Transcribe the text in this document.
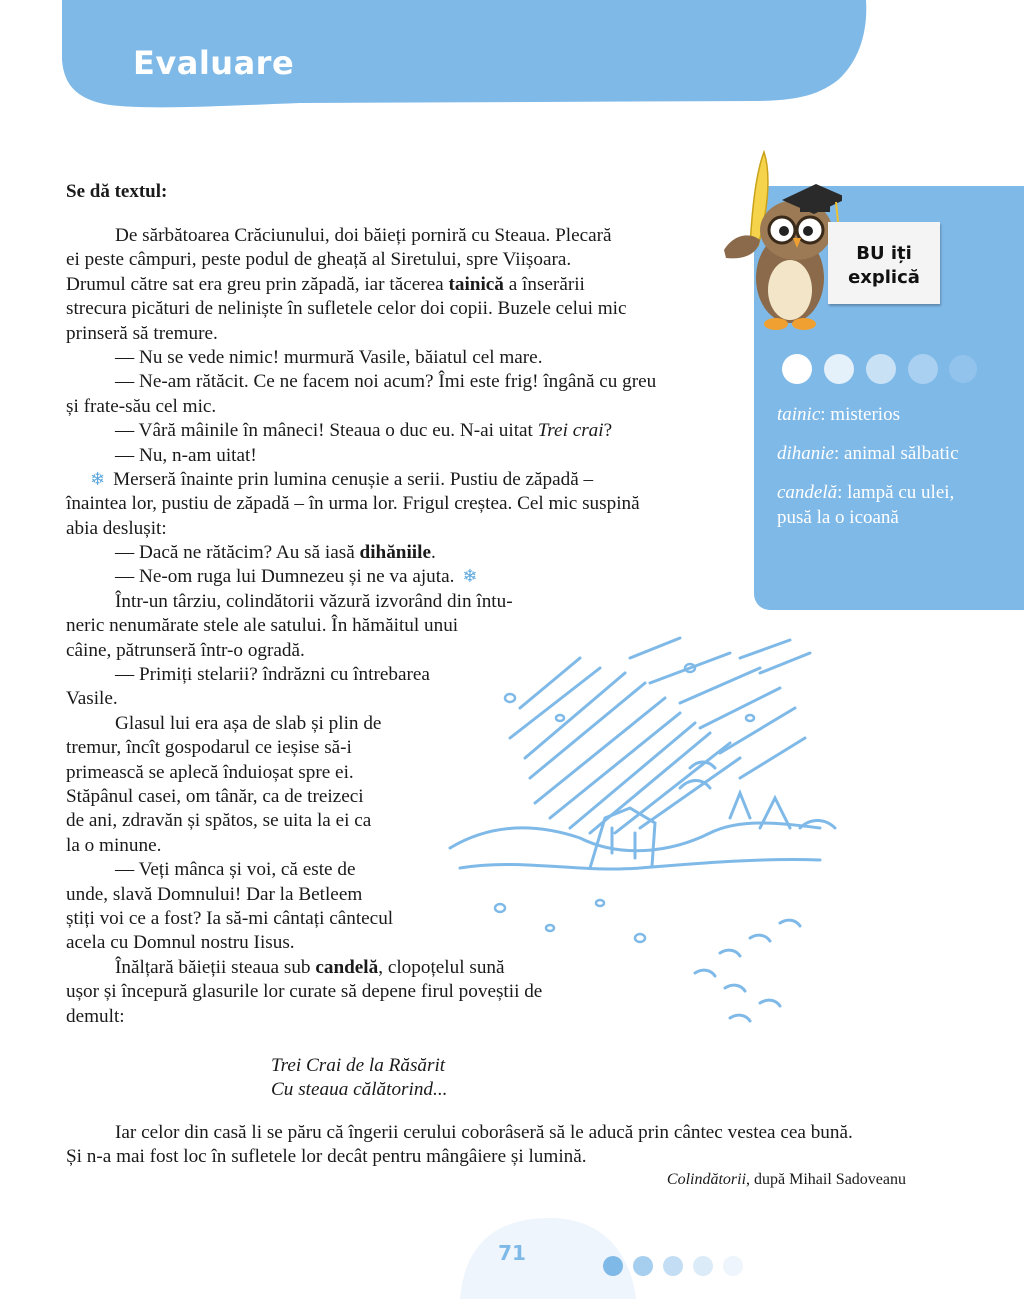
Evaluare
Se dă textul:
BU iți
explică
tainic: misterios
dihanie: animal sălbatic
candelă: lampă cu ulei, pusă la o icoană
De sărbătoarea Crăciunului, doi băieți porniră cu Steaua. Plecară
ei peste câmpuri, peste podul de gheață al Siretului, spre Viișoara.
Drumul către sat era greu prin zăpadă, iar tăcerea tainică a înserării
strecura picături de neliniște în sufletele celor doi copii. Buzele celui mic
prinseră să tremure.
— Nu se vede nimic! murmură Vasile, băiatul cel mare.
— Ne-am rătăcit. Ce ne facem noi acum? Îmi este frig! îngână cu greu
și frate-său cel mic.
— Vâră mâinile în mâneci! Steaua o duc eu. N-ai uitat Trei crai?
— Nu, n-am uitat!
❄ Merseră înainte prin lumina cenușie a serii. Pustiu de zăpadă –
înaintea lor, pustiu de zăpadă – în urma lor. Frigul creștea. Cel mic suspină
abia deslușit:
— Dacă ne rătăcim? Au să iasă dihăniile.
— Ne-om ruga lui Dumnezeu și ne va ajuta. ❄
Într-un târziu, colindătorii văzură izvorând din întu-
neric nenumărate stele ale satului. În hămăitul unui
câine, pătrunseră într-o ogradă.
— Primiți stelarii? îndrăzni cu întrebarea
Vasile.
Glasul lui era așa de slab și plin de
tremur, încît gospodarul ce ieșise să-i
primească se aplecă înduioșat spre ei.
Stăpânul casei, om tânăr, ca de treizeci
de ani, zdravăn și spătos, se uita la ei ca
la o minune.
— Veți mânca și voi, că este de
unde, slavă Domnului! Dar la Betleem
știți voi ce a fost? Ia să-mi cântați cântecul
acela cu Domnul nostru Iisus.
Înălțară băieții steaua sub candelă, clopoțelul sună
ușor și începură glasurile lor curate să depene firul poveștii de
demult:
Trei Crai de la Răsărit
Cu steaua călătorind...
Iar celor din casă li se păru că îngerii cerului coborâseră să le aducă prin cântec vestea cea bună.
Și n-a mai fost loc în sufletele lor decât pentru mângâiere și lumină.
Colindătorii, după Mihail Sadoveanu
71
